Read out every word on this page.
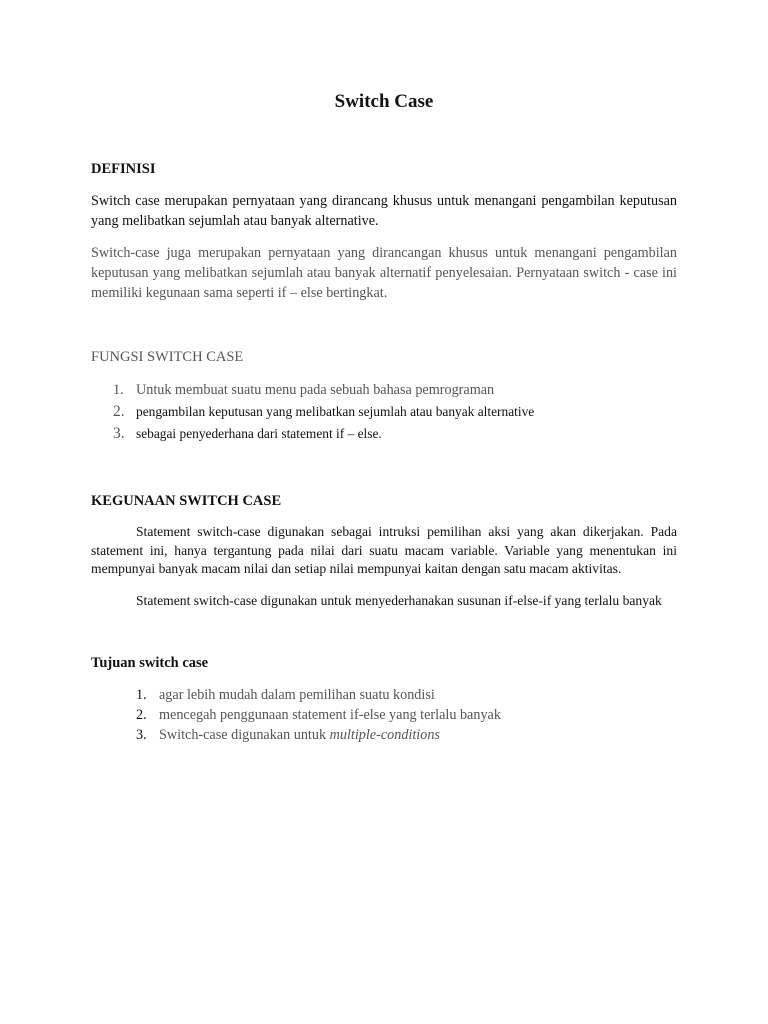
Switch Case
DEFINISI

Switch case merupakan pernyataan yang dirancang khusus untuk menangani pengambilan keputusan yang melibatkan sejumlah atau banyak alternative.

Switch-case juga merupakan pernyataan yang dirancangan khusus untuk menangani pengambilan keputusan yang melibatkan sejumlah atau banyak alternatif penyelesaian. Pernyataan switch - case ini memiliki kegunaan sama seperti if – else bertingkat.

FUNGSI SWITCH CASE
1. Untuk membuat suatu menu pada sebuah bahasa pemrograman
2. pengambilan keputusan yang melibatkan sejumlah atau banyak alternative
3. sebagai penyederhana dari statement if – else.
KEGUNAAN SWITCH CASE

Statement switch-case digunakan sebagai intruksi pemilihan aksi yang akan dikerjakan. Pada statement ini, hanya tergantung pada nilai dari suatu macam variable. Variable yang menentukan ini mempunyai banyak macam nilai dan setiap nilai mempunyai kaitan dengan satu macam aktivitas.

Statement switch-case digunakan untuk menyederhanakan susunan if-else-if yang terlalu banyak

Tujuan switch case
1. agar lebih mudah dalam pemilihan suatu kondisi
2. mencegah penggunaan statement if-else yang terlalu banyak
3. Switch-case digunakan untuk multiple-conditions
